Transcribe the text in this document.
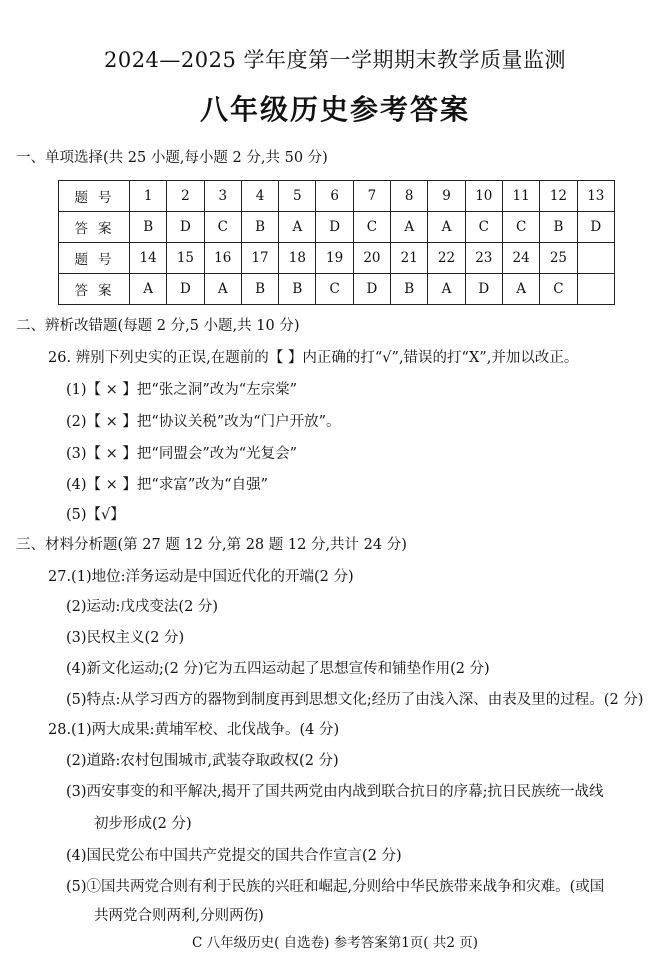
2024—2025 学年度第一学期期末教学质量监测
八年级历史参考答案
一、单项选择(共 25 小题,每小题 2 分,共 50 分)
题号	1	2	3	4	5	6	7	8	9	10	11	12	13
答案	B	D	C	B	A	D	C	A	A	C	C	B	D
题号	14	15	16	17	18	19	20	21	22	23	24	25	
答案	A	D	A	B	B	C	D	B	A	D	A	C	
二、辨析改错题(每题 2 分,5 小题,共 10 分)
26. 辨别下列史实的正误,在题前的【 】内正确的打“√”,错误的打“X”,并加以改正。
(1)【 × 】把“张之洞”改为“左宗棠”
(2)【 × 】把“协议关税”改为“门户开放”。
(3)【 × 】把“同盟会”改为“光复会”
(4)【 × 】把“求富”改为“自强”
(5)【√】
三、材料分析题(第 27 题 12 分,第 28 题 12 分,共计 24 分)
27.(1)地位:洋务运动是中国近代化的开端(2 分)
(2)运动:戊戌变法(2 分)
(3)民权主义(2 分)
(4)新文化运动;(2 分)它为五四运动起了思想宣传和铺垫作用(2 分)
(5)特点:从学习西方的器物到制度再到思想文化;经历了由浅入深、由表及里的过程。(2 分)
28.(1)两大成果:黄埔军校、北伐战争。(4 分)
(2)道路:农村包围城市,武装夺取政权(2 分)
(3)西安事变的和平解决,揭开了国共两党由内战到联合抗日的序幕;抗日民族统一战线
初步形成(2 分)
(4)国民党公布中国共产党提交的国共合作宣言(2 分)
(5)①国共两党合则有利于民族的兴旺和崛起,分则给中华民族带来战争和灾难。(或国
共两党合则两利,分则两伤)
C 八年级历史( 自选卷) 参考答案第1页( 共2 页)
